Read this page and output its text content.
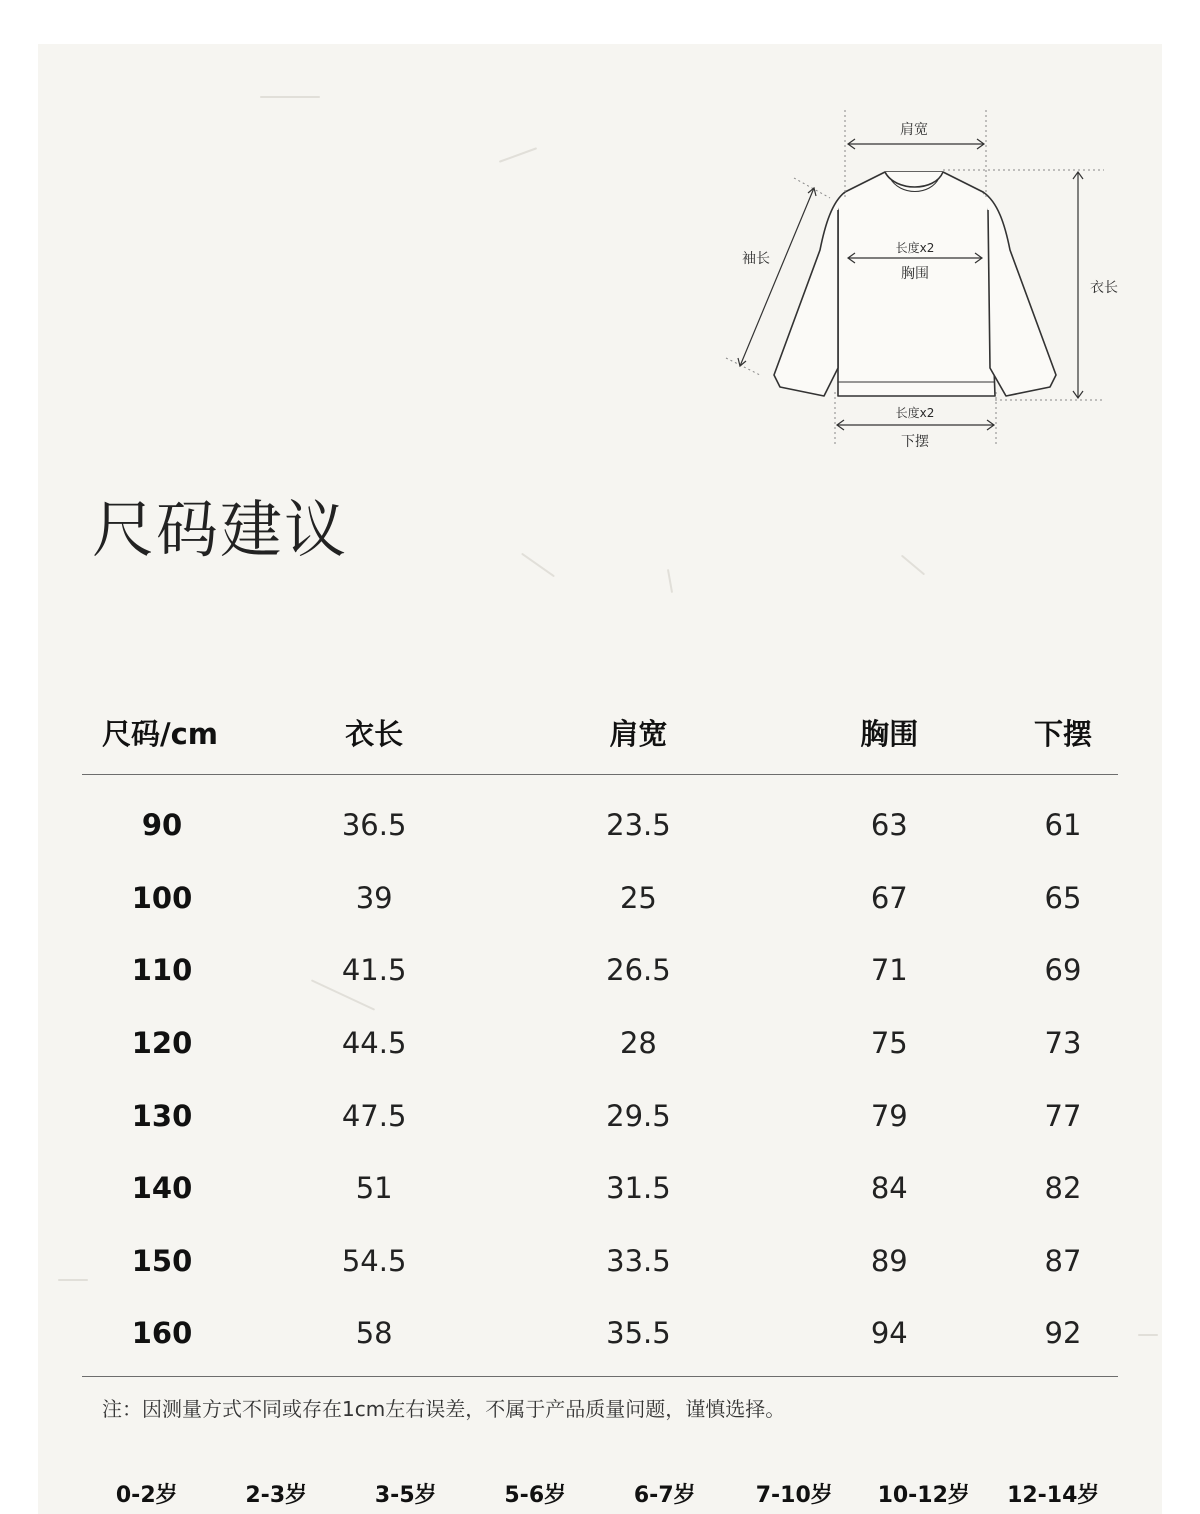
肩宽
袖长
长度x2
胸围
衣长
长度x2
下摆
尺码建议
尺码/cm	衣长	肩宽	胸围	下摆
90	36.5	23.5	63	61
100	39	25	67	65
110	41.5	26.5	71	69
120	44.5	28	75	73
130	47.5	29.5	79	77
140	51	31.5	84	82
150	54.5	33.5	89	87
160	58	35.5	94	92
注：因测量方式不同或存在1cm左右误差，不属于产品质量问题，谨慎选择。
0-2岁	2-3岁	3-5岁	5-6岁	6-7岁	7-10岁	10-12岁	12-14岁
